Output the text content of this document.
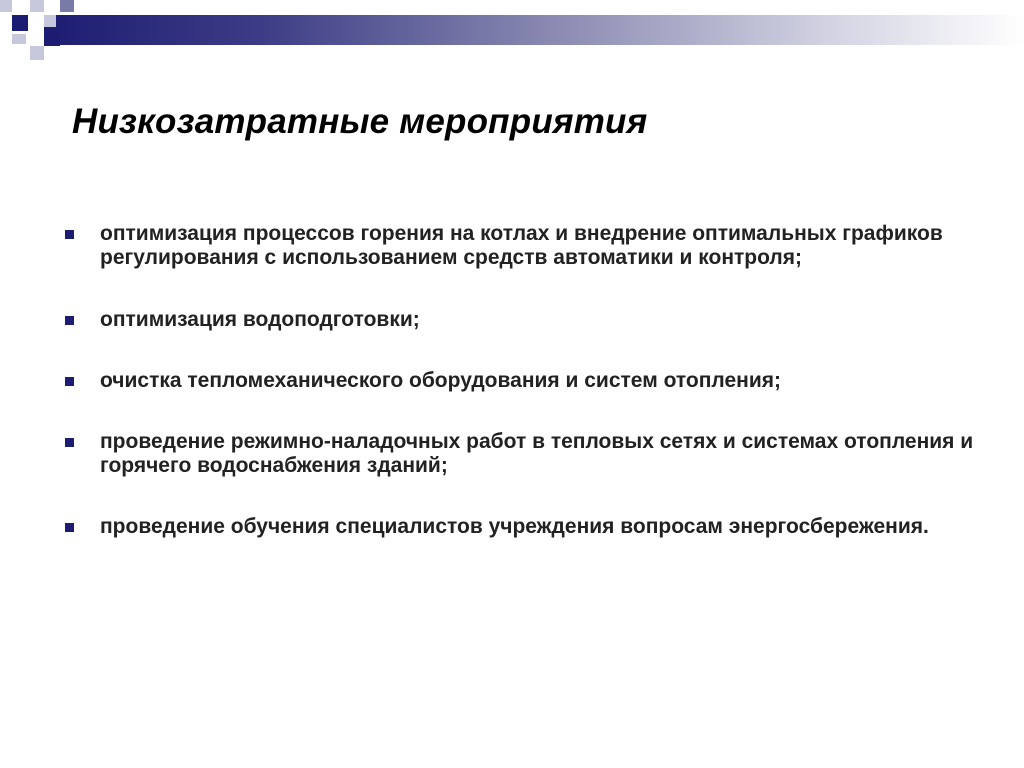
Низкозатратные мероприятия
оптимизация процессов горения на котлах и внедрение оптимальных графиков регулирования с использованием средств автоматики и контроля;
оптимизация водоподготовки;
очистка тепломеханического оборудования и систем отопления;
проведение режимно-наладочных работ в тепловых сетях и системах отопления и горячего водоснабжения зданий;
проведение обучения специалистов учреждения вопросам энергосбережения.
